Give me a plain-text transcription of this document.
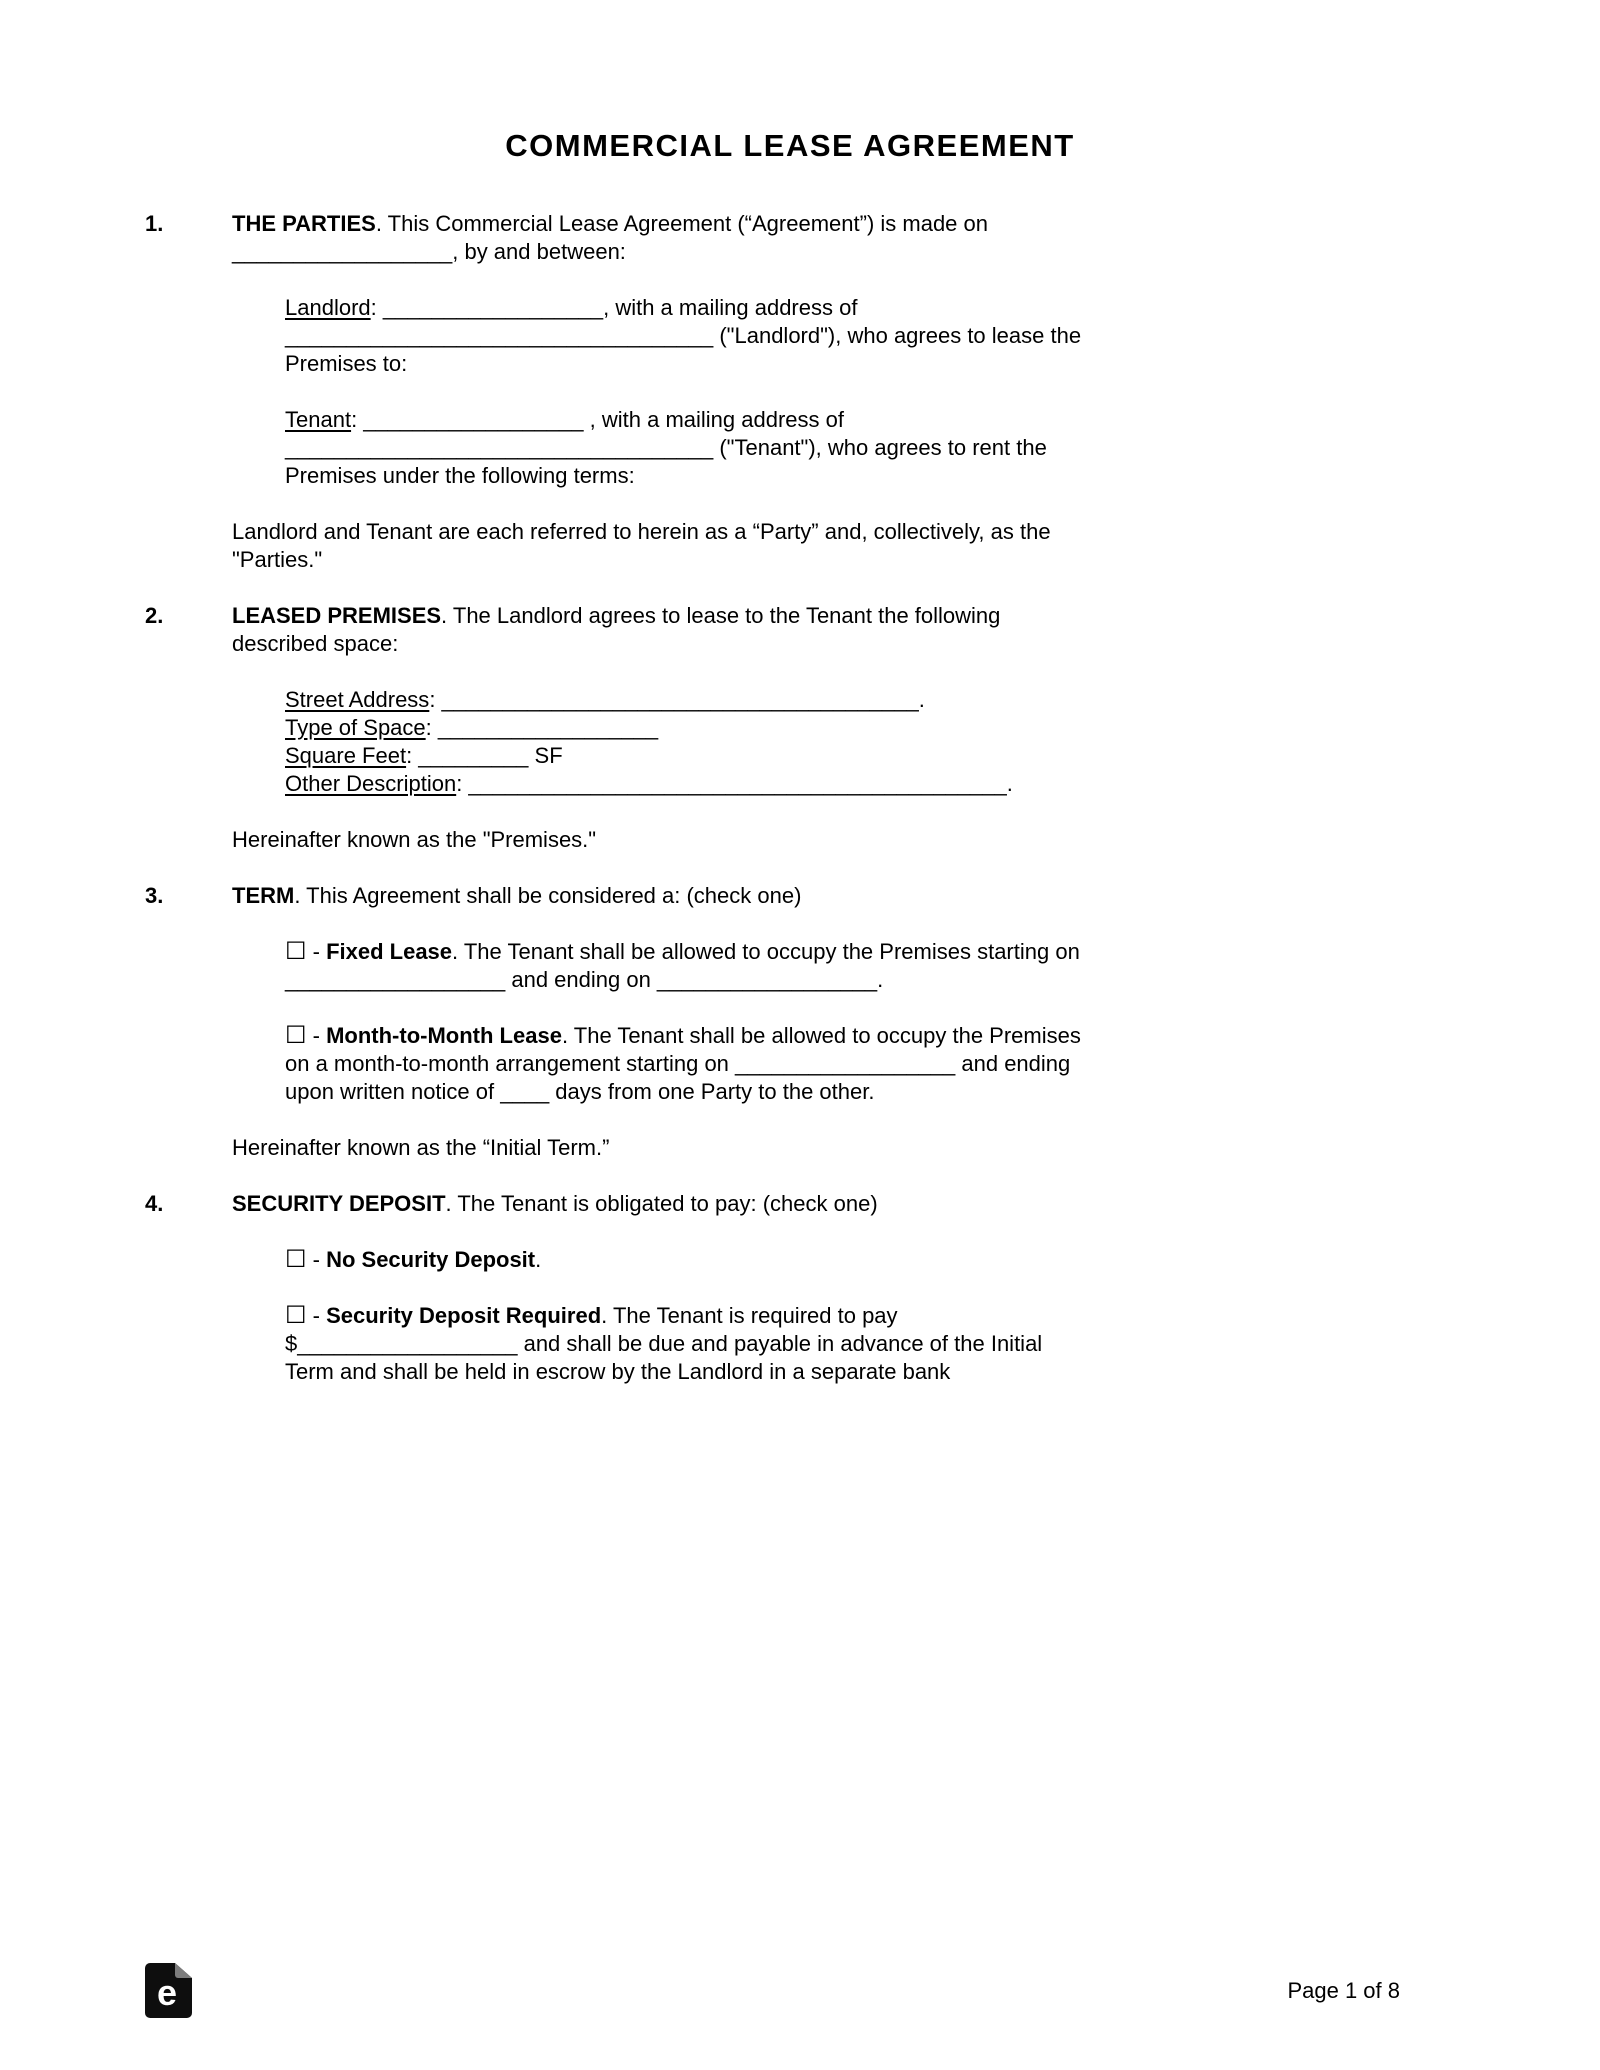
COMMERCIAL LEASE AGREEMENT
1.	THE PARTIES. This Commercial Lease Agreement (“Agreement”) is made on __________________, by and between:

Landlord: __________________, with a mailing address of ___________________________________ ("Landlord"), who agrees to lease the Premises to:

Tenant: __________________ , with a mailing address of ___________________________________ ("Tenant"), who agrees to rent the Premises under the following terms:

Landlord and Tenant are each referred to herein as a “Party” and, collectively, as the "Parties."

2.	LEASED PREMISES. The Landlord agrees to lease to the Tenant the following described space:

Street Address: _______________________________________.
Type of Space: __________________
Square Feet: _________ SF
Other Description: ____________________________________________.

Hereinafter known as the "Premises."

3.	TERM. This Agreement shall be considered a: (check one)

☐ - Fixed Lease. The Tenant shall be allowed to occupy the Premises starting on __________________ and ending on __________________.

☐ - Month-to-Month Lease. The Tenant shall be allowed to occupy the Premises on a month-to-month arrangement starting on __________________ and ending upon written notice of ____ days from one Party to the other.

Hereinafter known as the “Initial Term.”

4.	SECURITY DEPOSIT. The Tenant is obligated to pay: (check one)

☐ - No Security Deposit.

☐ - Security Deposit Required. The Tenant is required to pay $__________________ and shall be due and payable in advance of the Initial Term and shall be held in escrow by the Landlord in a separate bank

e	Page 1 of 8
